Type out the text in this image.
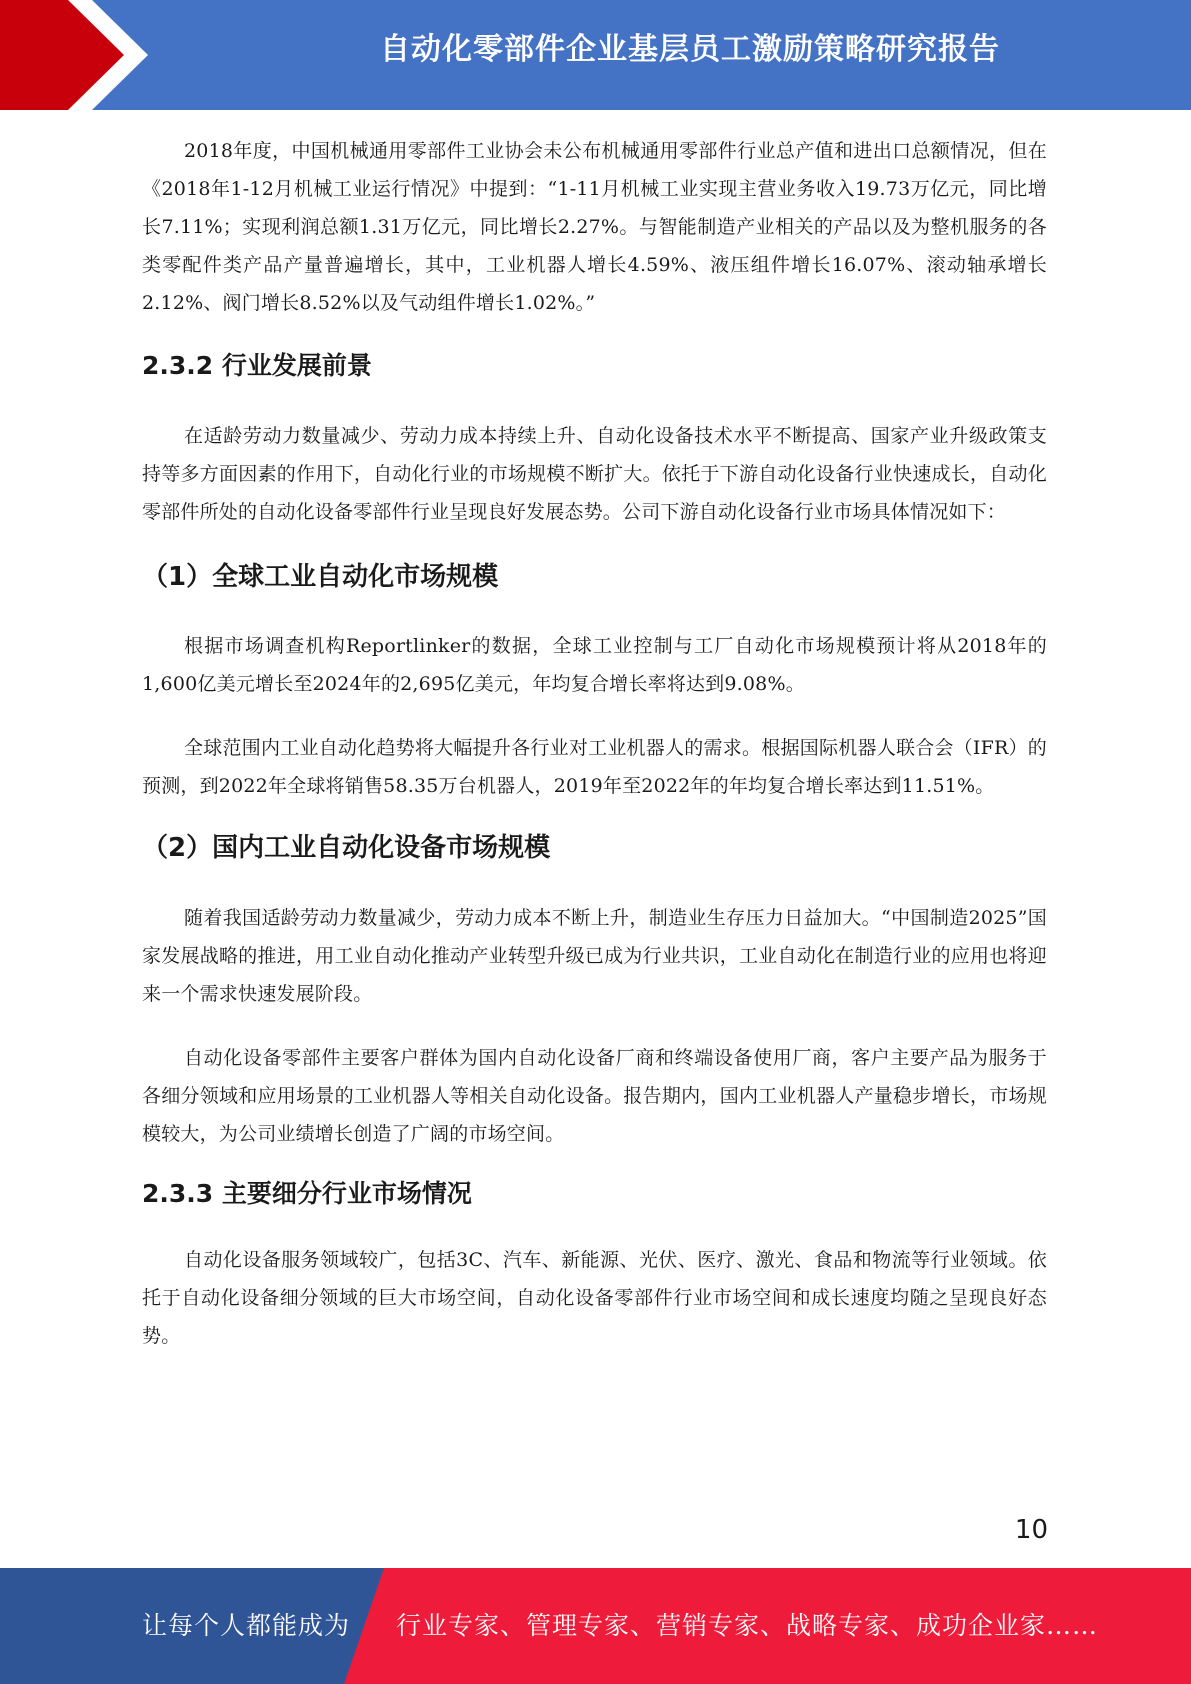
自动化零部件企业基层员工激励策略研究报告

2018年度，中国机械通用零部件工业协会未公布机械通用零部件行业总产值和进出口总额情况，但在《2018年1-12月机械工业运行情况》中提到：“1-11月机械工业实现主营业务收入19.73万亿元，同比增长7.11%；实现利润总额1.31万亿元，同比增长2.27%。与智能制造产业相关的产品以及为整机服务的各类零配件类产品产量普遍增长，其中，工业机器人增长4.59%、液压组件增长16.07%、滚动轴承增长2.12%、阀门增长8.52%以及气动组件增长1.02%。”

2.3.2 行业发展前景

在适龄劳动力数量减少、劳动力成本持续上升、自动化设备技术水平不断提高、国家产业升级政策支持等多方面因素的作用下，自动化行业的市场规模不断扩大。依托于下游自动化设备行业快速成长，自动化零部件所处的自动化设备零部件行业呈现良好发展态势。公司下游自动化设备行业市场具体情况如下：

（1）全球工业自动化市场规模

根据市场调查机构Reportlinker的数据，全球工业控制与工厂自动化市场规模预计将从2018年的1,600亿美元增长至2024年的2,695亿美元，年均复合增长率将达到9.08%。

全球范围内工业自动化趋势将大幅提升各行业对工业机器人的需求。根据国际机器人联合会（IFR）的预测，到2022年全球将销售58.35万台机器人，2019年至2022年的年均复合增长率达到11.51%。

（2）国内工业自动化设备市场规模

随着我国适龄劳动力数量减少，劳动力成本不断上升，制造业生存压力日益加大。“中国制造2025”国家发展战略的推进，用工业自动化推动产业转型升级已成为行业共识，工业自动化在制造行业的应用也将迎来一个需求快速发展阶段。

自动化设备零部件主要客户群体为国内自动化设备厂商和终端设备使用厂商，客户主要产品为服务于各细分领域和应用场景的工业机器人等相关自动化设备。报告期内，国内工业机器人产量稳步增长，市场规模较大，为公司业绩增长创造了广阔的市场空间。

2.3.3 主要细分行业市场情况

自动化设备服务领域较广，包括3C、汽车、新能源、光伏、医疗、激光、食品和物流等行业领域。依托于自动化设备细分领域的巨大市场空间，自动化设备零部件行业市场空间和成长速度均随之呈现良好态势。

10
让每个人都能成为 行业专家、管理专家、营销专家、战略专家、成功企业家……
